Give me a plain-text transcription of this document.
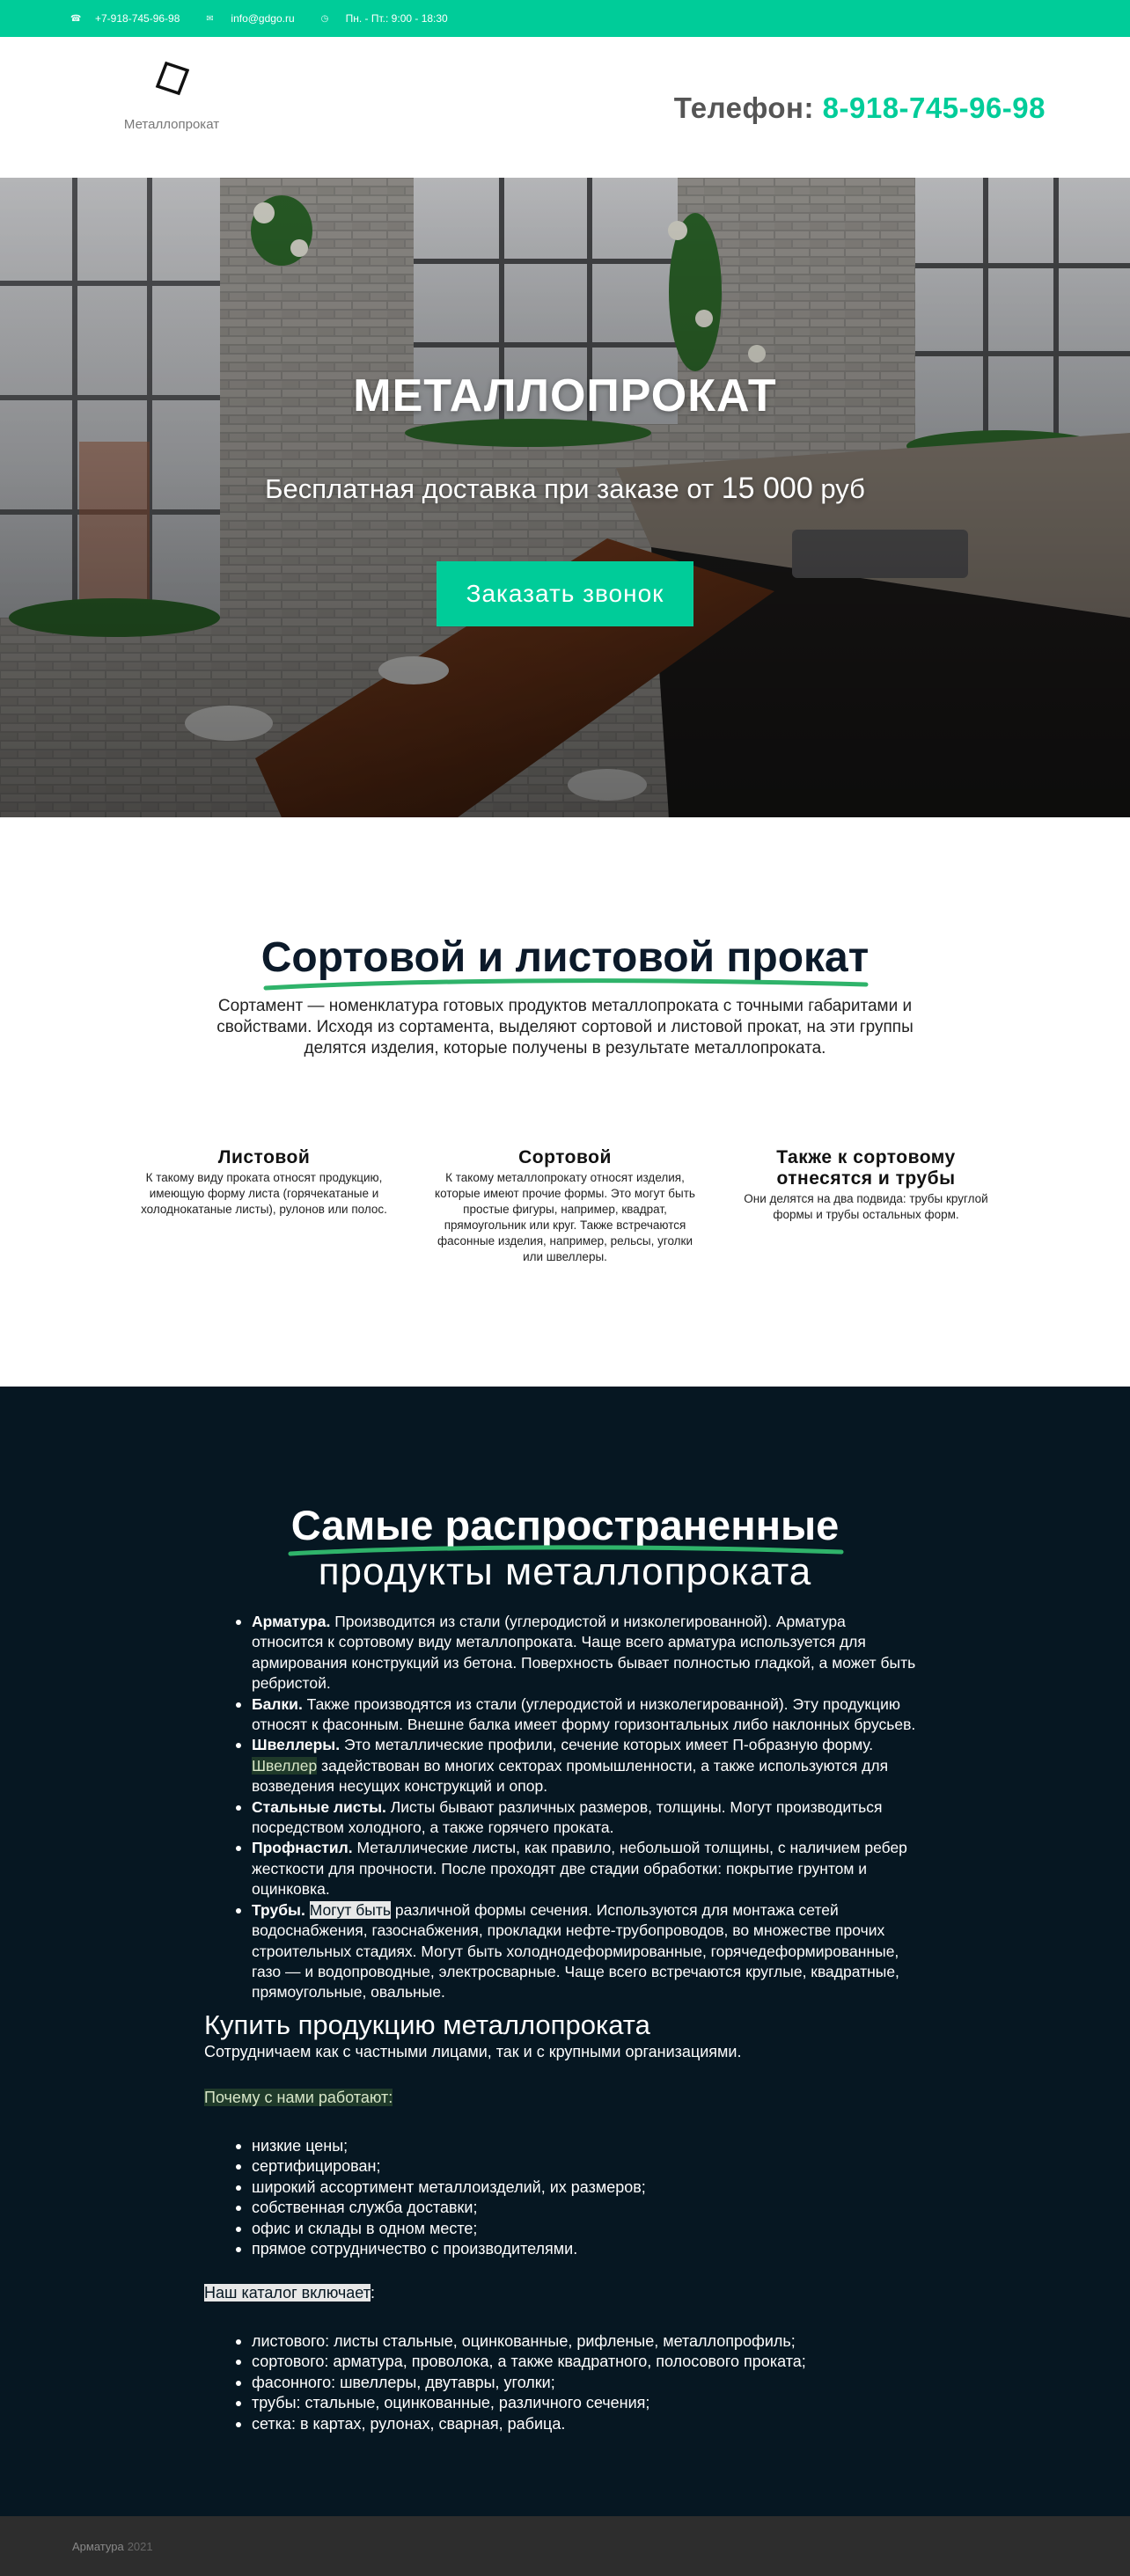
☎ +7-918-745-96-98	✉ info@gdgo.ru	◷ Пн. - Пт.: 9:00 - 18:30
Металлопрокат
Телефон: 8-918-745-96-98
МЕТАЛЛОПРОКАТ
Бесплатная доставка при заказе от 15 000 руб
Заказать звонок
Сортовой и листовой прокат
Сортамент — номенклатура готовых продуктов металлопроката с точными габаритами и свойствами. Исходя из сортамента, выделяют сортовой и листовой прокат, на эти группы делятся изделия, которые получены в результате металлопроката.
Листовой

К такому виду проката относят продукцию, имеющую форму листа (горячекатаные и холоднокатаные листы), рулонов или полос.

Сортовой

К такому металлопрокату относят изделия, которые имеют прочие формы. Это могут быть простые фигуры, например, квадрат, прямоугольник или круг. Также встречаются фасонные изделия, например, рельсы, уголки или швеллеры.

Также к сортовому отнесятся и трубы

Они делятся на два подвида: трубы круглой формы и трубы остальных форм.

Самые распространенные
продукты металлопроката
Арматура. Производится из стали (углеродистой и низколегированной). Арматура относится к сортовому виду металлопроката. Чаще всего арматура используется для армирования конструкций из бетона. Поверхность бывает полностью гладкой, а может быть ребристой.
Балки. Также производятся из стали (углеродистой и низколегированной). Эту продукцию относят к фасонным. Внешне балка имеет форму горизонтальных либо наклонных брусьев.
Швеллеры. Это металлические профили, сечение которых имеет П-образную форму. Швеллер задействован во многих секторах промышленности, а также используются для возведения несущих конструкций и опор.
Стальные листы. Листы бывают различных размеров, толщины. Могут производиться посредством холодного, а также горячего проката.
Профнастил. Металлические листы, как правило, небольшой толщины, с наличием ребер жесткости для прочности. После проходят две стадии обработки: покрытие грунтом и оцинковка.
Трубы. Могут быть различной формы сечения. Используются для монтажа сетей водоснабжения, газоснабжения, прокладки нефте-трубопроводов, во множестве прочих строительных стадиях. Могут быть холоднодеформированные, горячедеформированные, газо — и водопроводные, электросварные. Чаще всего встречаются круглые, квадратные, прямоугольные, овальные.
Купить продукцию металлопроката
Сотрудничаем как с частными лицами, так и с крупными организациями.
Почему с нами работают:
низкие цены;
сертифицирован;
широкий ассортимент металлоизделий, их размеров;
собственная служба доставки;
офис и склады в одном месте;
прямое сотрудничество с производителями.
Наш каталог включает:
листового: листы стальные, оцинкованные, рифленые, металлопрофиль;
сортового: арматура, проволока, а также квадратного, полосового проката;
фасонного: швеллеры, двутавры, уголки;
трубы: стальные, оцинкованные, различного сечения;
сетка: в картах, рулонах, сварная, рабица.
Арматура 2021
